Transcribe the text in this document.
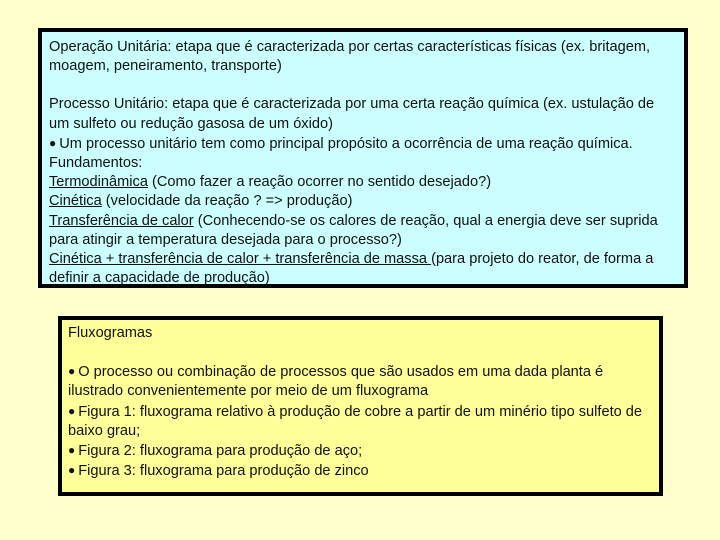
Operação Unitária: etapa que é caracterizada por certas características físicas (ex. britagem, moagem, peneiramento, transporte)

Processo Unitário: etapa que é caracterizada por uma certa reação química (ex. ustulação de um sulfeto ou redução gasosa de um óxido)

● Um processo unitário tem como principal propósito a ocorrência de uma reação química.

Fundamentos:

Termodinâmica (Como fazer a reação ocorrer no sentido desejado?)

Cinética (velocidade da reação ? => produção)

Transferência de calor (Conhecendo-se os calores de reação, qual a energia deve ser suprida para atingir a temperatura desejada para o processo?)

Cinética + transferência de calor + transferência de massa (para projeto do reator, de forma a definir a capacidade de produção)

Fluxogramas

● O processo ou combinação de processos que são usados em uma dada planta é ilustrado convenientemente por meio de um fluxograma

● Figura 1: fluxograma relativo à produção de cobre a partir de um minério tipo sulfeto de baixo grau;

● Figura 2: fluxograma para produção de aço;

● Figura 3: fluxograma para produção de zinco
